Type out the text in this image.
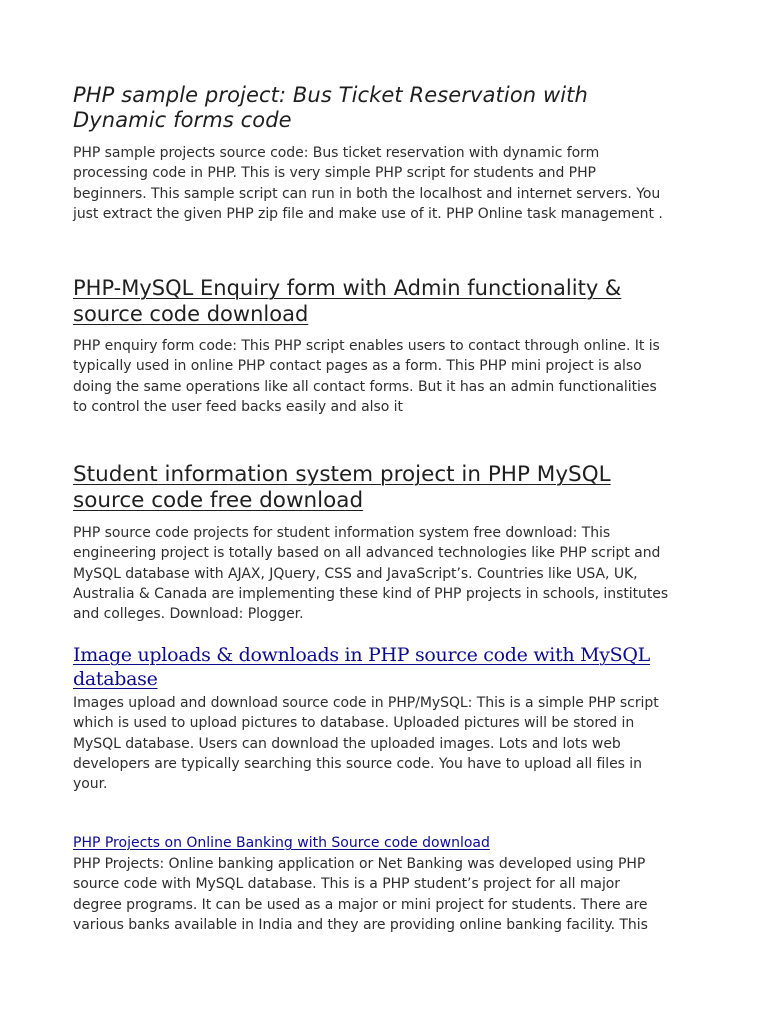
PHP sample project: Bus Ticket Reservation with
Dynamic forms code

PHP sample projects source code: Bus ticket reservation with dynamic form
processing code in PHP. This is very simple PHP script for students and PHP
beginners. This sample script can run in both the localhost and internet servers. You
just extract the given PHP zip file and make use of it. PHP Online task management .

PHP-MySQL Enquiry form with Admin functionality &
source code download

PHP enquiry form code: This PHP script enables users to contact through online. It is
typically used in online PHP contact pages as a form. This PHP mini project is also
doing the same operations like all contact forms. But it has an admin functionalities
to control the user feed backs easily and also it

Student information system project in PHP MySQL
source code free download

PHP source code projects for student information system free download: This
engineering project is totally based on all advanced technologies like PHP script and
MySQL database with AJAX, JQuery, CSS and JavaScript’s. Countries like USA, UK,
Australia & Canada are implementing these kind of PHP projects in schools, institutes
and colleges. Download: Plogger.

Image uploads & downloads in PHP source code with MySQL
database

Images upload and download source code in PHP/MySQL: This is a simple PHP script
which is used to upload pictures to database. Uploaded pictures will be stored in
MySQL database. Users can download the uploaded images. Lots and lots web
developers are typically searching this source code. You have to upload all files in
your.

PHP Projects on Online Banking with Source code download

PHP Projects: Online banking application or Net Banking was developed using PHP
source code with MySQL database. This is a PHP student’s project for all major
degree programs. It can be used as a major or mini project for students. There are
various banks available in India and they are providing online banking facility. This
